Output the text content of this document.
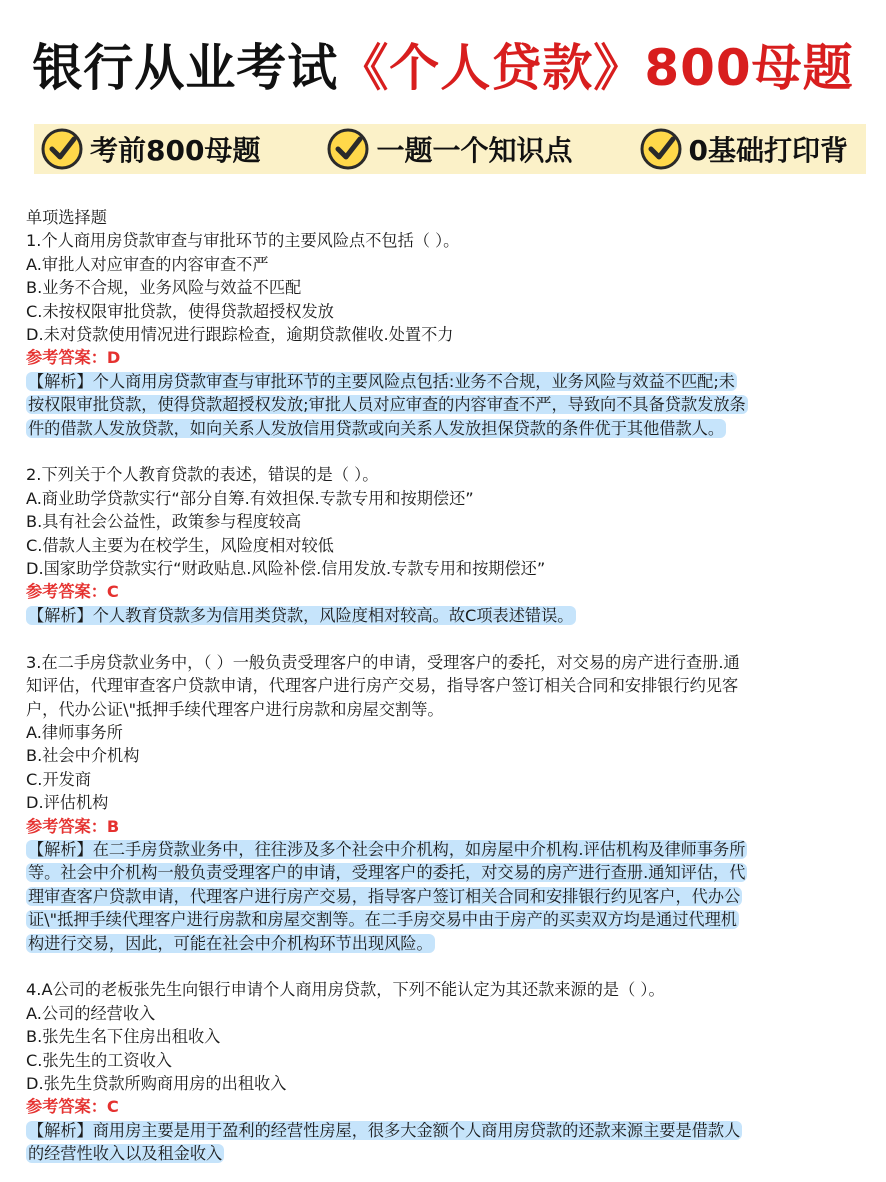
银行从业考试《个人贷款》800母题
考前800母题	一题一个知识点	0基础打印背
单项选择题
1.个人商用房贷款审查与审批环节的主要风险点不包括（ ）。
A.审批人对应审查的内容审查不严
B.业务不合规，业务风险与效益不匹配
C.未按权限审批贷款，使得贷款超授权发放
D.未对贷款使用情况进行跟踪检查，逾期贷款催收.处置不力
参考答案：D
【解析】个人商用房贷款审查与审批环节的主要风险点包括:业务不合规，业务风险与效益不匹配;未
按权限审批贷款，使得贷款超授权发放;审批人员对应审查的内容审查不严，导致向不具备贷款发放条
件的借款人发放贷款，如向关系人发放信用贷款或向关系人发放担保贷款的条件优于其他借款人。
2.下列关于个人教育贷款的表述，错误的是（ ）。
A.商业助学贷款实行“部分自筹.有效担保.专款专用和按期偿还”
B.具有社会公益性，政策参与程度较高
C.借款人主要为在校学生，风险度相对较低
D.国家助学贷款实行“财政贴息.风险补偿.信用发放.专款专用和按期偿还”
参考答案：C
【解析】个人教育贷款多为信用类贷款，风险度相对较高。故C项表述错误。
3.在二手房贷款业务中，（ ）一般负责受理客户的申请，受理客户的委托，对交易的房产进行查册.通
知评估，代理审查客户贷款申请，代理客户进行房产交易，指导客户签订相关合同和安排银行约见客
户，代办公证\"抵押手续代理客户进行房款和房屋交割等。
A.律师事务所
B.社会中介机构
C.开发商
D.评估机构
参考答案：B
【解析】在二手房贷款业务中，往往涉及多个社会中介机构，如房屋中介机构.评估机构及律师事务所
等。社会中介机构一般负责受理客户的申请，受理客户的委托，对交易的房产进行查册.通知评估，代
理审查客户贷款申请，代理客户进行房产交易，指导客户签订相关合同和安排银行约见客户，代办公
证\"抵押手续代理客户进行房款和房屋交割等。在二手房交易中由于房产的买卖双方均是通过代理机
构进行交易，因此，可能在社会中介机构环节出现风险。
4.A公司的老板张先生向银行申请个人商用房贷款，下列不能认定为其还款来源的是（ ）。
A.公司的经营收入
B.张先生名下住房出租收入
C.张先生的工资收入
D.张先生贷款所购商用房的出租收入
参考答案：C
【解析】商用房主要是用于盈利的经营性房屋，很多大金额个人商用房贷款的还款来源主要是借款人
的经营性收入以及租金收入
